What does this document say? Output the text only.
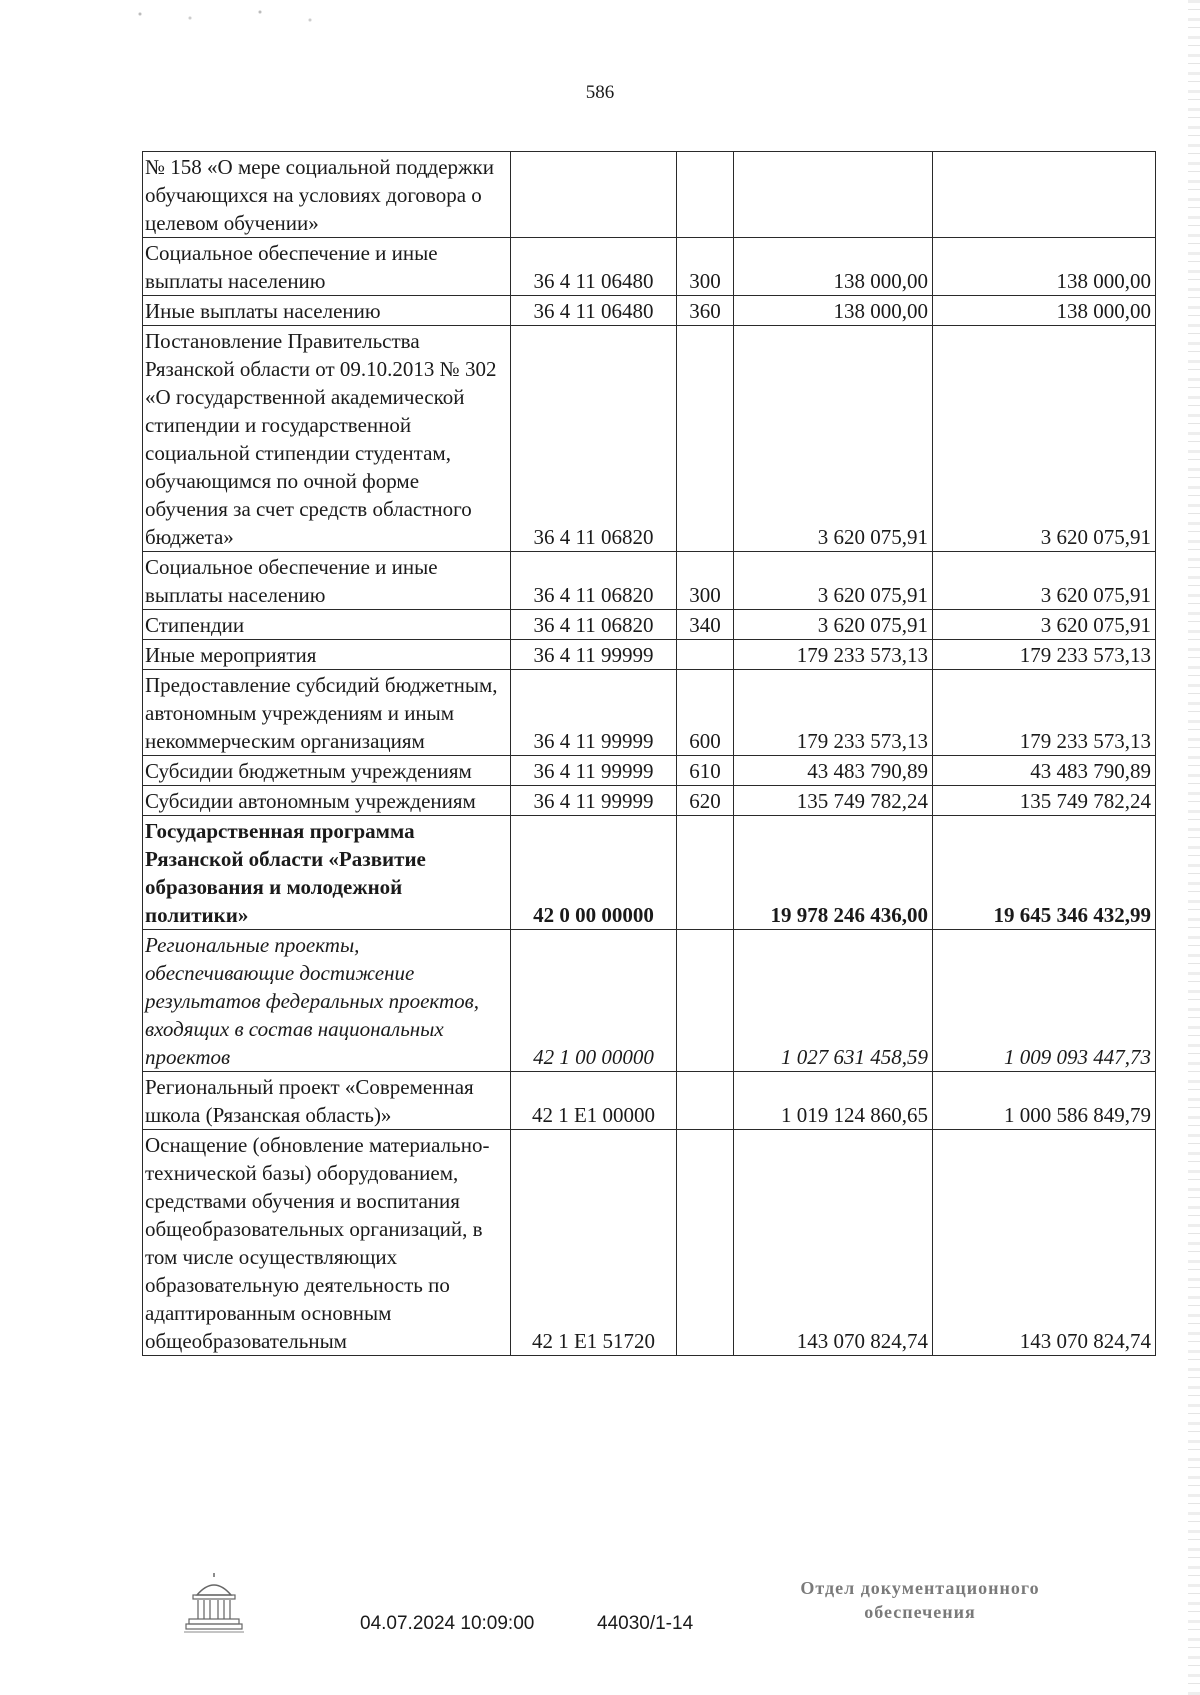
586
№ 158 «О мере социальной поддержки обучающихся на условиях договора о целевом обучении»				
Социальное обеспечение и иные выплаты населению	36 4 11 06480	300	138 000,00	138 000,00
Иные выплаты населению	36 4 11 06480	360	138 000,00	138 000,00
Постановление Правительства Рязанской области от 09.10.2013 № 302 «О государственной академической стипендии и государственной социальной стипендии студентам, обучающимся по очной форме обучения за счет средств областного бюджета»	36 4 11 06820		3 620 075,91	3 620 075,91
Социальное обеспечение и иные выплаты населению	36 4 11 06820	300	3 620 075,91	3 620 075,91
Стипендии	36 4 11 06820	340	3 620 075,91	3 620 075,91
Иные мероприятия	36 4 11 99999		179 233 573,13	179 233 573,13
Предоставление субсидий бюджетным, автономным учреждениям и иным некоммерческим организациям	36 4 11 99999	600	179 233 573,13	179 233 573,13
Субсидии бюджетным учреждениям	36 4 11 99999	610	43 483 790,89	43 483 790,89
Субсидии автономным учреждениям	36 4 11 99999	620	135 749 782,24	135 749 782,24
Государственная программа Рязанской области «Развитие образования и молодежной политики»	42 0 00 00000		19 978 246 436,00	19 645 346 432,99
Региональные проекты, обеспечивающие достижение результатов федеральных проектов, входящих в состав национальных проектов	42 1 00 00000		1 027 631 458,59	1 009 093 447,73
Региональный проект «Современная школа (Рязанская область)»	42 1 E1 00000		1 019 124 860,65	1 000 586 849,79
Оснащение (обновление материально-технической базы) оборудованием, средствами обучения и воспитания общеобразовательных организаций, в том числе осуществляющих образовательную деятельность по адаптированным основным общеобразовательным	42 1 E1 51720		143 070 824,74	143 070 824,74
04.07.2024 10:09:00	44030/1-14
Отдел документационного
обеспечения
